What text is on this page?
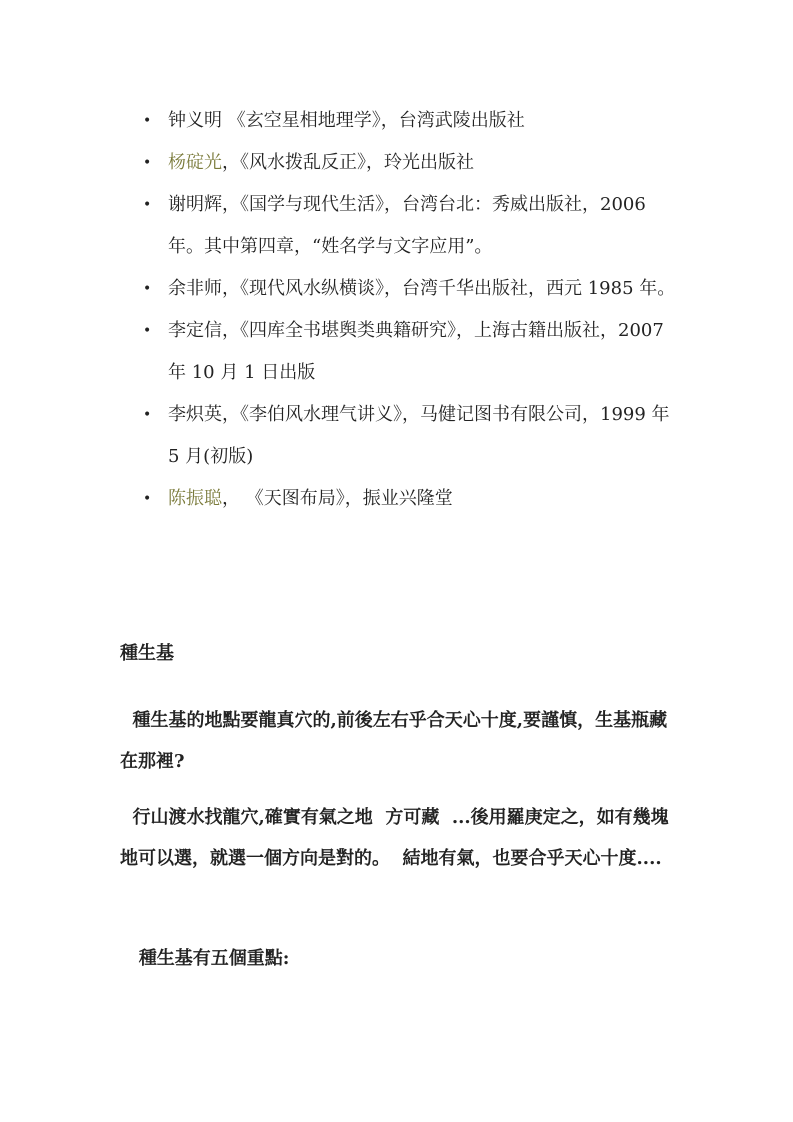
• 钟义明 《玄空星相地理学》，台湾武陵出版社
• 杨碇光，《风水拨乱反正》，玲光出版社
• 谢明辉，《国学与现代生活》，台湾台北：秀威出版社，2006年。其中第四章，“姓名学与文字应用”。
• 余非师，《现代风水纵横谈》，台湾千华出版社，西元 1985 年。
• 李定信，《四库全书堪舆类典籍研究》，上海古籍出版社，2007 年 10 月 1 日出版
• 李炽英，《李伯风水理气讲义》，马健记图书有限公司，1999 年 5 月(初版)
• 陈振聪， 《天图布局》，振业兴隆堂

種生基

種生基的地點要龍真穴的,前後左右乎合天心十度,要謹慎，生基瓶藏在那裡?

行山渡水找龍穴,確實有氣之地  方可藏  ...後用羅庚定之，如有幾塊地可以選，就選一個方向是對的。  結地有氣，也要合乎天心十度....

種生基有五個重點:
